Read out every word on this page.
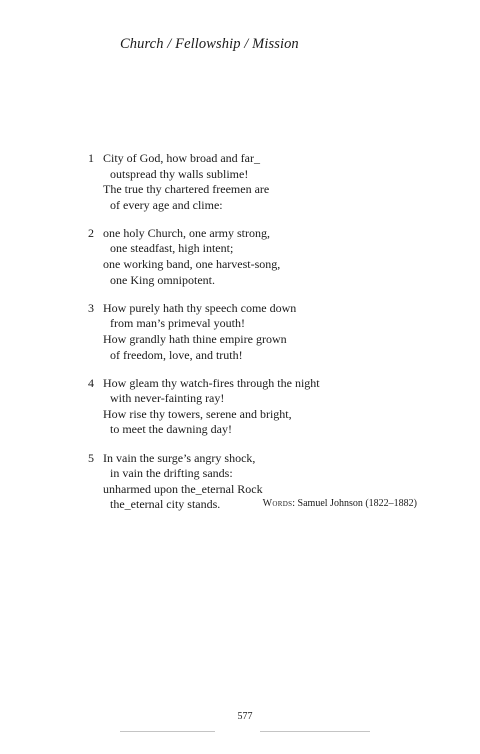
Church / Fellowship / Mission
1 City of God, how broad and far_
outspread thy walls sublime!
The true thy chartered freemen are
of every age and clime:
2 one holy Church, one army strong,
one steadfast, high intent;
one working band, one harvest-song,
one King omnipotent.
3 How purely hath thy speech come down
from man’s primeval youth!
How grandly hath thine empire grown
of freedom, love, and truth!
4 How gleam thy watch-fires through the night
with never-fainting ray!
How rise thy towers, serene and bright,
to meet the dawning day!
5 In vain the surge’s angry shock,
in vain the drifting sands:
unharmed upon the_eternal Rock
the_eternal city stands.	Words: Samuel Johnson (1822–1882)
577
